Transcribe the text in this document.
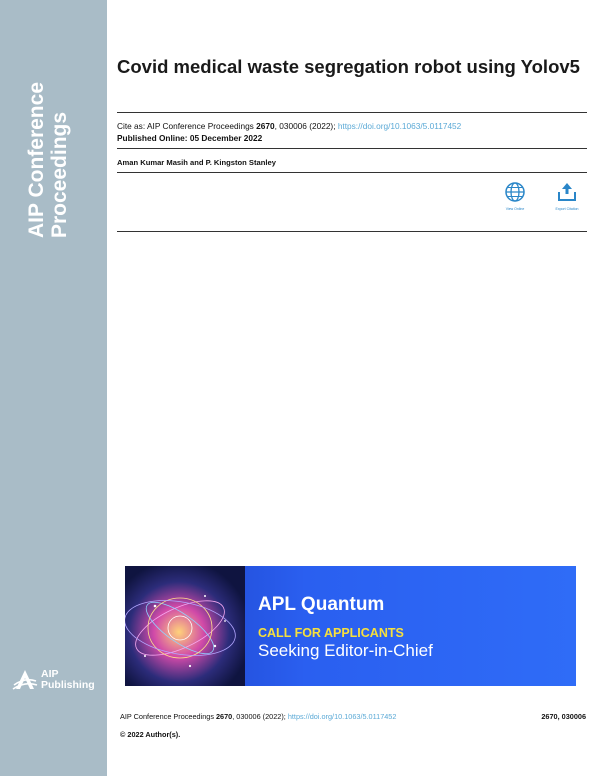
AIP Conference Proceedings
AIP
Publishing
Covid medical waste segregation robot using Yolov5
Cite as: AIP Conference Proceedings 2670, 030006 (2022); https://doi.org/10.1063/5.0117452
Published Online: 05 December 2022
Aman Kumar Masih and P. Kingston Stanley
View Online	Export Citation
APL Quantum
CALL FOR APPLICANTS
Seeking Editor-in-Chief
AIP Conference Proceedings 2670, 030006 (2022); https://doi.org/10.1063/5.0117452	2670, 030006
© 2022 Author(s).
